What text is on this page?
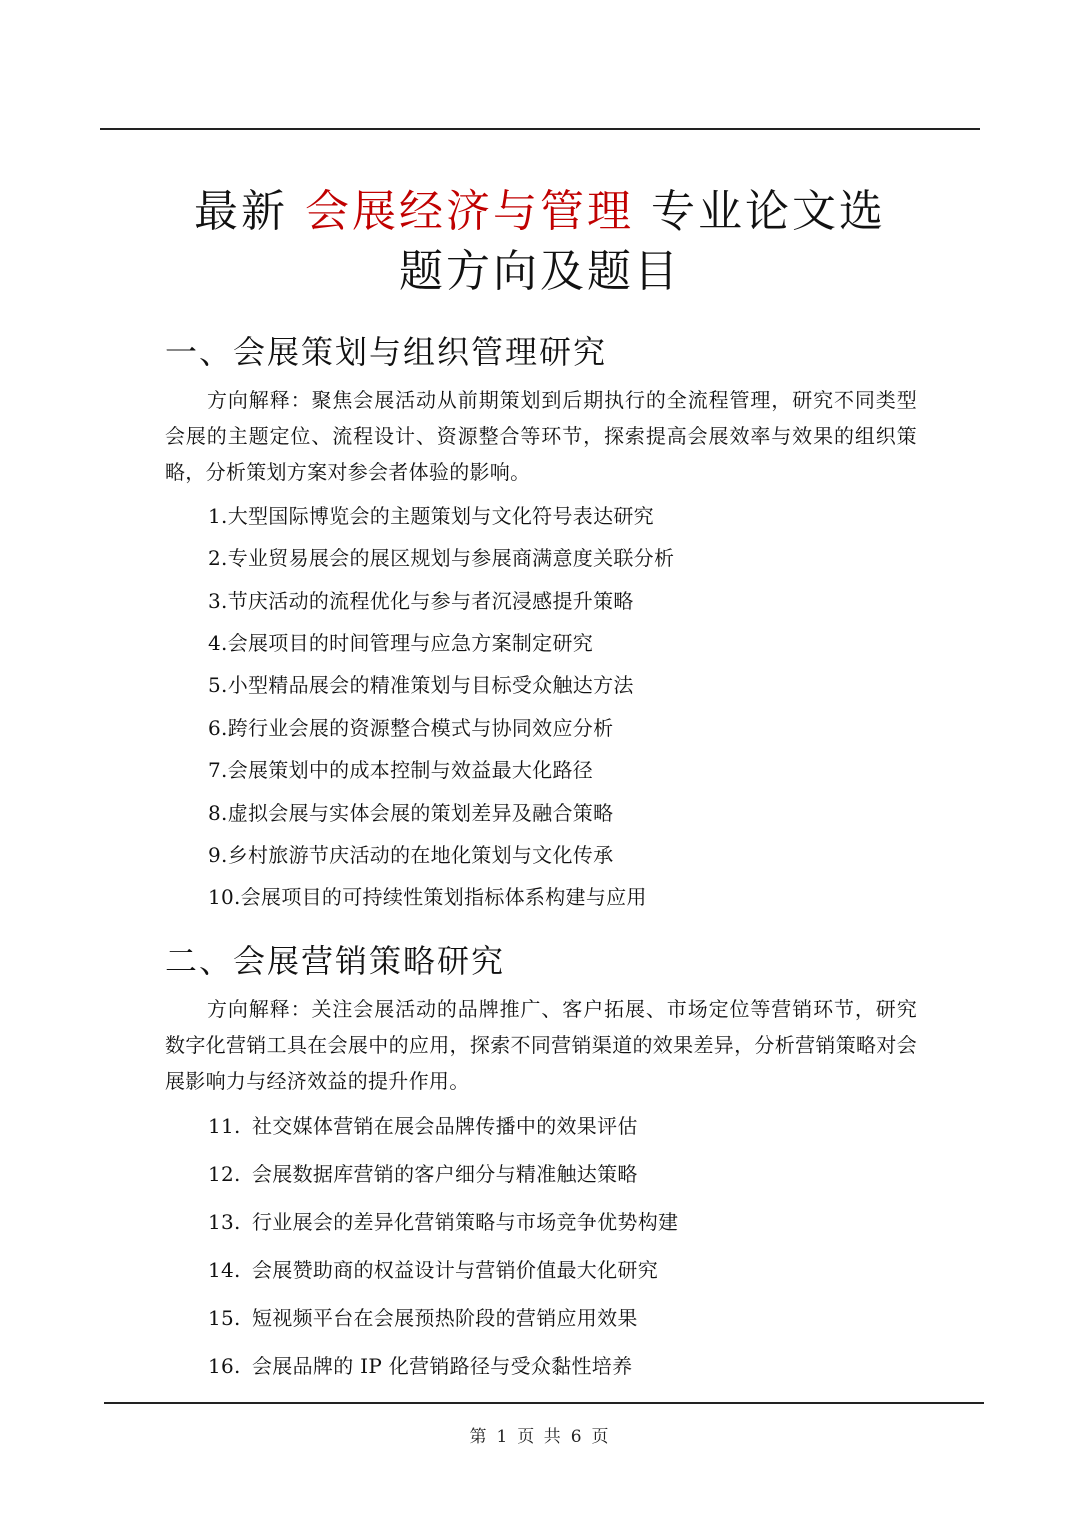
最新 会展经济与管理 专业论文选
题方向及题目
一、会展策划与组织管理研究

方向解释：聚焦会展活动从前期策划到后期执行的全流程管理，研究不同类型会展的主题定位、流程设计、资源整合等环节，探索提高会展效率与效果的组织策略，分析策划方案对参会者体验的影响。

1.大型国际博览会的主题策划与文化符号表达研究
2.专业贸易展会的展区规划与参展商满意度关联分析
3.节庆活动的流程优化与参与者沉浸感提升策略
4.会展项目的时间管理与应急方案制定研究
5.小型精品展会的精准策划与目标受众触达方法
6.跨行业会展的资源整合模式与协同效应分析
7.会展策划中的成本控制与效益最大化路径
8.虚拟会展与实体会展的策划差异及融合策略
9.乡村旅游节庆活动的在地化策划与文化传承
10.会展项目的可持续性策划指标体系构建与应用
二、会展营销策略研究

方向解释：关注会展活动的品牌推广、客户拓展、市场定位等营销环节，研究数字化营销工具在会展中的应用，探索不同营销渠道的效果差异，分析营销策略对会展影响力与经济效益的提升作用。

11. 社交媒体营销在展会品牌传播中的效果评估
12. 会展数据库营销的客户细分与精准触达策略
13. 行业展会的差异化营销策略与市场竞争优势构建
14. 会展赞助商的权益设计与营销价值最大化研究
15. 短视频平台在会展预热阶段的营销应用效果
16. 会展品牌的 IP 化营销路径与受众黏性培养
第 1 页 共 6 页
